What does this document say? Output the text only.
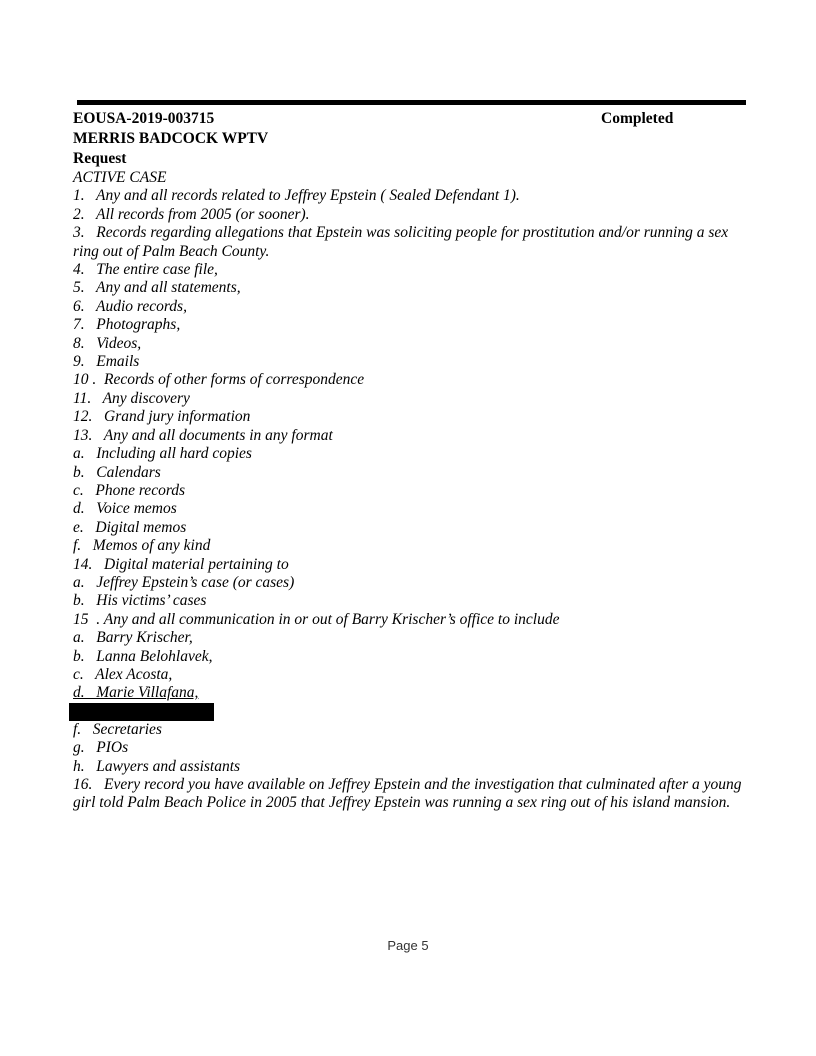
EOUSA-2019-003715	Completed
MERRIS BADCOCK WPTV
Request
ACTIVE CASE
1.   Any and all records related to Jeffrey Epstein ( Sealed Defendant 1).
2.   All records from 2005 (or sooner).
3.   Records regarding allegations that Epstein was soliciting people for prostitution and/or running a sex ring out of Palm Beach County.
4.   The entire case file,
5.   Any and all statements,
6.   Audio records,
7.   Photographs,
8.   Videos,
9.   Emails
10 .  Records of other forms of correspondence
11.   Any discovery
12.   Grand jury information
13.   Any and all documents in any format
a.   Including all hard copies
b.   Calendars
c.   Phone records
d.   Voice memos
e.   Digital memos
f.   Memos of any kind
14.   Digital material pertaining to
a.   Jeffrey Epstein’s case (or cases)
b.   His victims’ cases
15  . Any and all communication in or out of Barry Krischer’s office to include
a.   Barry Krischer,
b.   Lanna Belohlavek,
c.   Alex Acosta,
d.   Marie Villafana,
f.   Secretaries
g.   PIOs
h.   Lawyers and assistants
16.   Every record you have available on Jeffrey Epstein and the investigation that culminated after a young girl told Palm Beach Police in 2005 that Jeffrey Epstein was running a sex ring out of his island mansion.
Page 5
